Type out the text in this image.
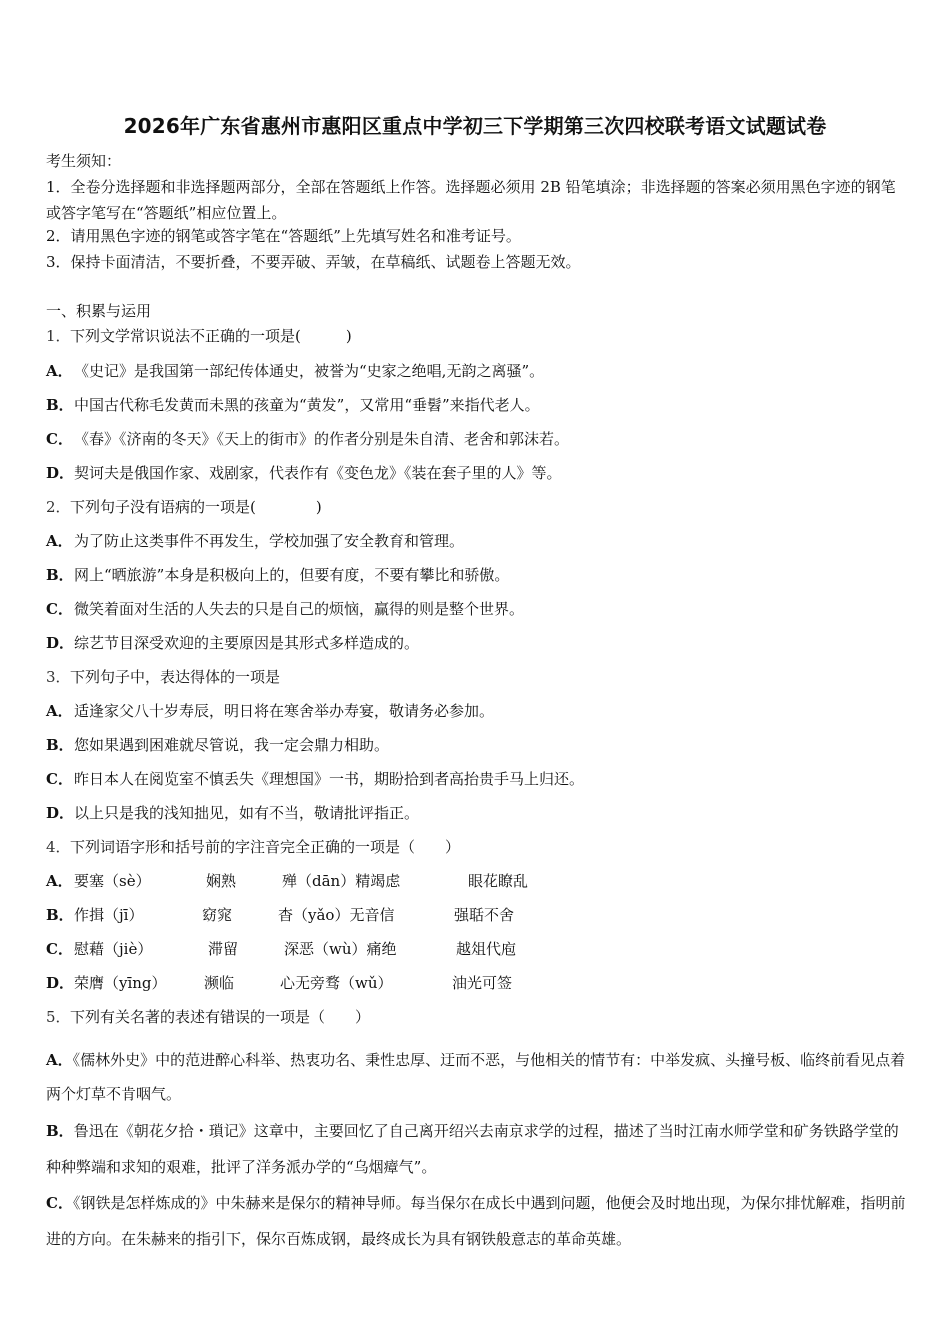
2026年广东省惠州市惠阳区重点中学初三下学期第三次四校联考语文试题试卷
考生须知：
1．全卷分选择题和非选择题两部分，全部在答题纸上作答。选择题必须用 2B 铅笔填涂；非选择题的答案必须用黑色字迹的钢笔或答字笔写在“答题纸”相应位置上。
2．请用黑色字迹的钢笔或答字笔在“答题纸”上先填写姓名和准考证号。
3．保持卡面清洁，不要折叠，不要弄破、弄皱，在草稿纸、试题卷上答题无效。
一、积累与运用
1．下列文学常识说法不正确的一项是(　　　)
A．《史记》是我国第一部纪传体通史，被誉为“史家之绝唱,无韵之离骚”。
B．中国古代称毛发黄而未黑的孩童为“黄发”，又常用“垂髫”来指代老人。
C．《春》《济南的冬天》《天上的街市》的作者分别是朱自清、老舍和郭沫若。
D．契诃夫是俄国作家、戏剧家，代表作有《变色龙》《装在套子里的人》等。
2．下列句子没有语病的一项是(　　　　)
A．为了防止这类事件不再发生，学校加强了安全教育和管理。
B．网上“晒旅游”本身是积极向上的，但要有度，不要有攀比和骄傲。
C．微笑着面对生活的人失去的只是自己的烦恼，赢得的则是整个世界。
D．综艺节目深受欢迎的主要原因是其形式多样造成的。
3．下列句子中，表达得体的一项是
A．适逢家父八十岁寿辰，明日将在寒舍举办寿宴，敬请务必参加。
B．您如果遇到困难就尽管说，我一定会鼎力相助。
C．昨日本人在阅览室不慎丢失《理想国》一书，期盼拾到者高抬贵手马上归还。
D．以上只是我的浅知拙见，如有不当，敬请批评指正。
4．下列词语字形和括号前的字注音完全正确的一项是（　　）
A．要塞（sè）	娴熟	殚（dān）精竭虑	眼花瞭乱
B．作揖（jī）	窈窕	杳（yǎo）无音信	强聒不舍
C．慰藉（jiè）	滞留	深恶（wù）痛绝	越俎代庖
D．荣膺（yīng） 濒临	心无旁骛（wǔ）	油光可签
5．下列有关名著的表述有错误的一项是（　　）
A．《儒林外史》中的范进醉心科举、热衷功名、秉性忠厚、迂而不恶，与他相关的情节有：中举发疯、头撞号板、临终前看见点着两个灯草不肯咽气。
B．鲁迅在《朝花夕拾・瑣记》这章中，主要回忆了自己离开绍兴去南京求学的过程，描述了当时江南水师学堂和矿务铁路学堂的种种弊端和求知的艰难，批评了洋务派办学的“乌烟瘴气”。
C．《钢铁是怎样炼成的》中朱赫来是保尔的精神导师。每当保尔在成长中遇到问题，他便会及时地出现，为保尔排忧解难，指明前进的方向。在朱赫来的指引下，保尔百炼成钢，最终成长为具有钢铁般意志的革命英雄。
